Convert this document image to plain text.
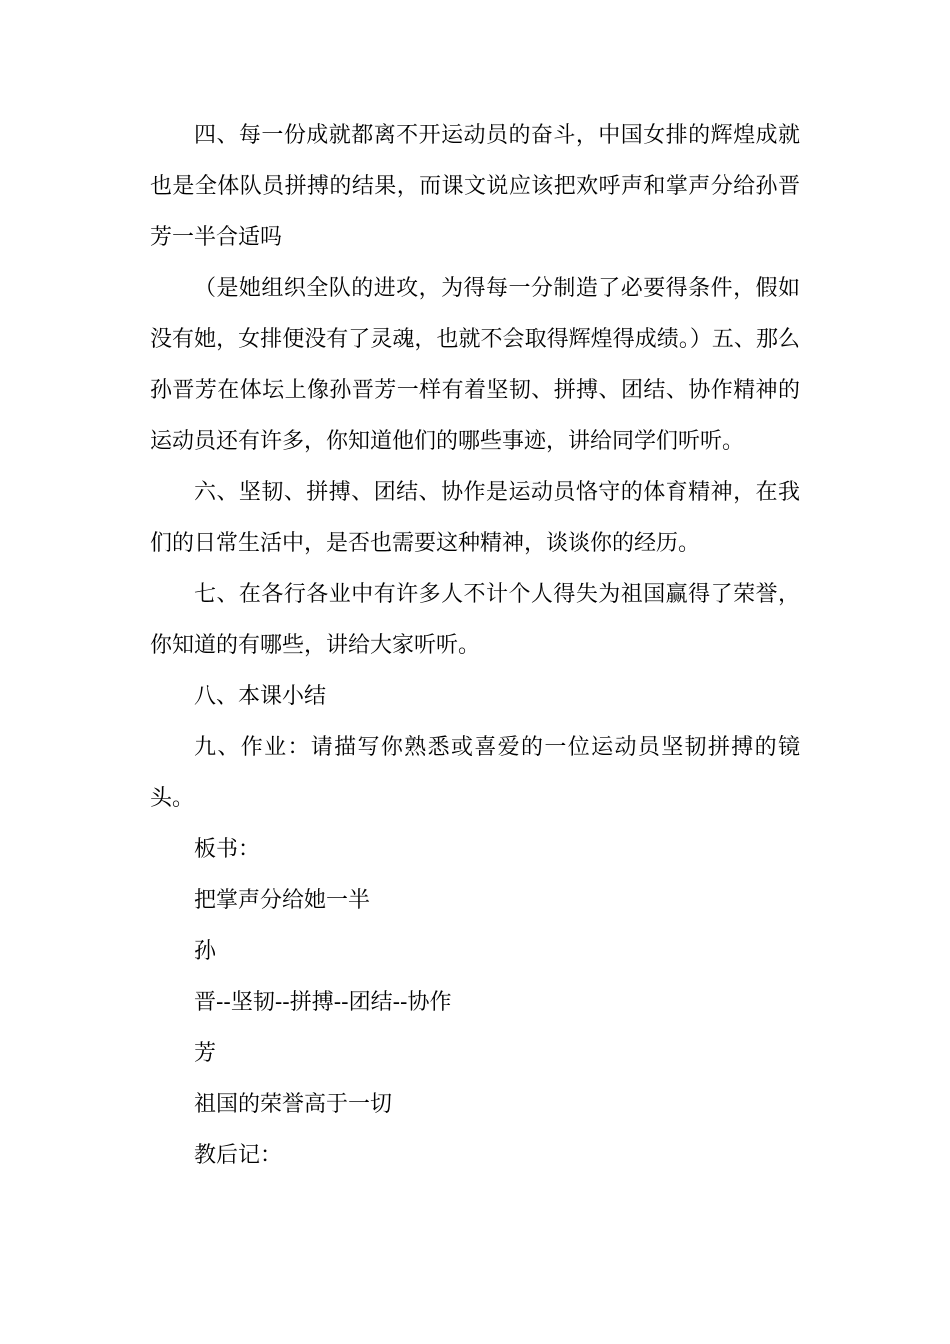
四、每一份成就都离不开运动员的奋斗，中国女排的辉煌成就也是全体队员拼搏的结果，而课文说应该把欢呼声和掌声分给孙晋芳一半合适吗

（是她组织全队的进攻，为得每一分制造了必要得条件，假如没有她，女排便没有了灵魂，也就不会取得辉煌得成绩。）五、那么孙晋芳在体坛上像孙晋芳一样有着坚韧、拼搏、团结、协作精神的运动员还有许多，你知道他们的哪些事迹，讲给同学们听听。

六、坚韧、拼搏、团结、协作是运动员恪守的体育精神，在我们的日常生活中，是否也需要这种精神，谈谈你的经历。

七、在各行各业中有许多人不计个人得失为祖国赢得了荣誉，你知道的有哪些，讲给大家听听。

八、本课小结

九、作业：请描写你熟悉或喜爱的一位运动员坚韧拼搏的镜头。

板书：

把掌声分给她一半

孙

晋--坚韧--拼搏--团结--协作

芳

祖国的荣誉高于一切

教后记：
